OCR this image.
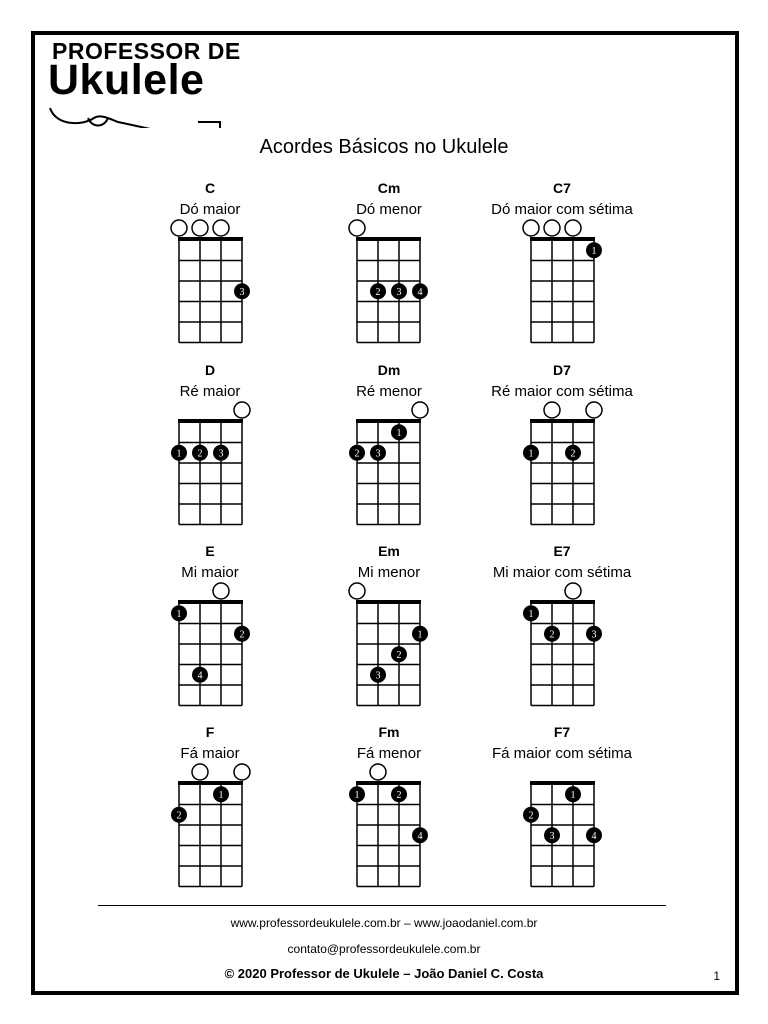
PROFESSOR DE
Ukulele
Acordes Básicos no Ukulele
C
Dó maior
3
Cm
Dó menor
2 3 4
C7
Dó maior com sétima
1
D
Ré maior
1 2 3
Dm
Ré menor
1
2 3
D7
Ré maior com sétima
1	2
E
Mi maior
1
2
4
Em
Mi menor
1
2
3
E7
Mi maior com sétima
1
2	3
F
Fá maior
1
2
Fm
Fá menor
1	2
4
F7
Fá maior com sétima
1
2
3	4
www.professordeukulele.com.br – www.joaodaniel.com.br
contato@professordeukulele.com.br
© 2020 Professor de Ukulele – João Daniel C. Costa	1
